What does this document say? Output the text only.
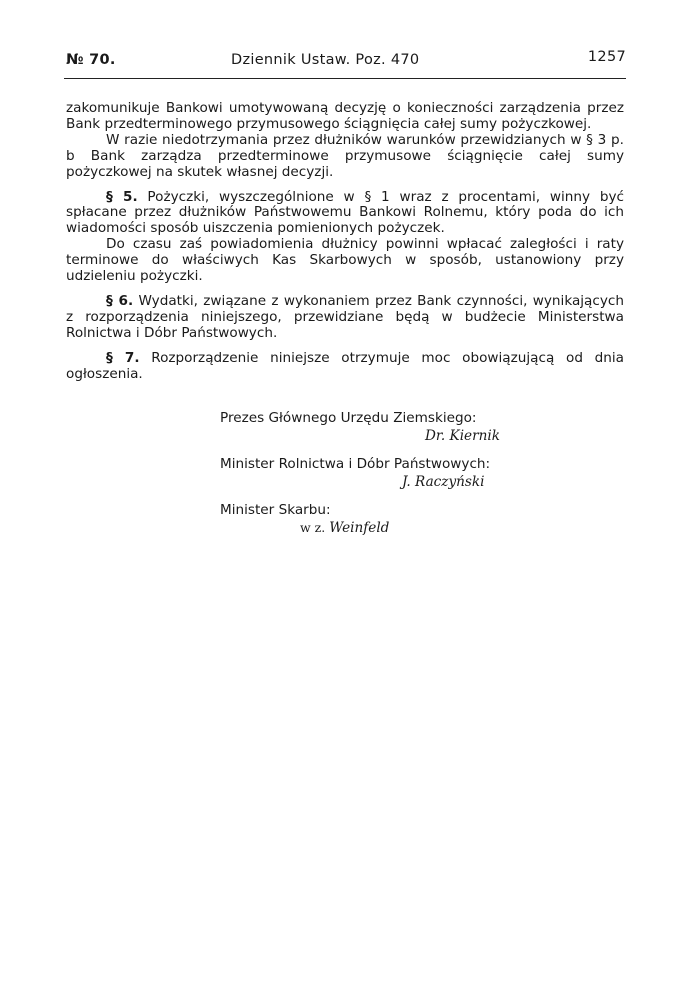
№ 70.	Dziennik Ustaw. Poz. 470	1257

zakomunikuje Bankowi umotywowaną decyzję o konieczności zarządzenia przez Bank przedterminowego przymusowego ściągnięcia całej sumy pożyczkowej.

W razie niedotrzymania przez dłużników warunków przewidzianych w § 3 p. b Bank zarządza przedterminowe przymusowe ściągnięcie całej sumy pożyczkowej na skutek własnej decyzji.

§ 5. Pożyczki, wyszczególnione w § 1 wraz z procentami, winny być spłacane przez dłużników Państwowemu Bankowi Rolnemu, który poda do ich wiadomości sposób uiszczenia pomienionych pożyczek.

Do czasu zaś powiadomienia dłużnicy powinni wpłacać zaległości i raty terminowe do właściwych Kas Skarbowych w sposób, ustanowiony przy udzieleniu pożyczki.

§ 6. Wydatki, związane z wykonaniem przez Bank czynności, wynikających z rozporządzenia niniejszego, przewidziane będą w budżecie Ministerstwa Rolnictwa i Dóbr Państwowych.

§ 7. Rozporządzenie niniejsze otrzymuje moc obowiązującą od dnia ogłoszenia.

Prezes Głównego Urzędu Ziemskiego:
Dr. Kiernik
Minister Rolnictwa i Dóbr Państwowych:
J. Raczyński
Minister Skarbu:
w z. Weinfeld
